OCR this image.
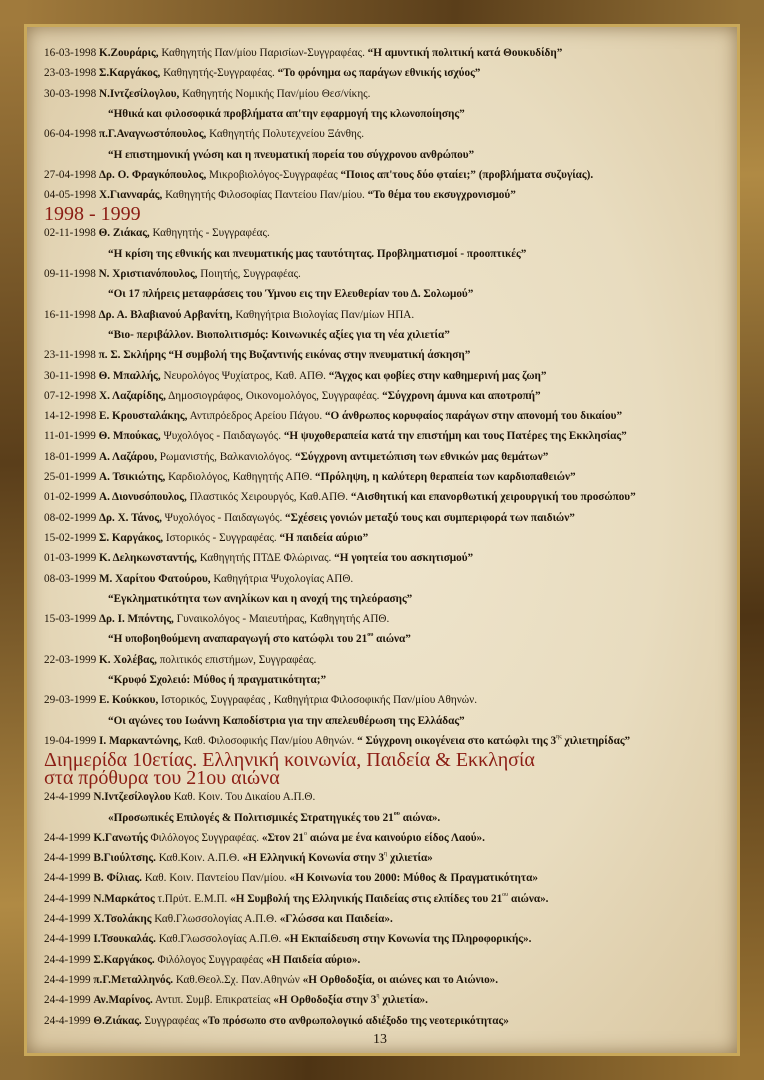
16-03-1998 Κ.Ζουράρις, Καθηγητής Παν/μίου Παρισίων-Συγγραφέας. “Η αμυντική πολιτική κατά Θουκυδίδη”
23-03-1998 Σ.Καργάκος, Καθηγητής-Συγγραφέας. “Το φρόνημα ως παράγων εθνικής ισχύος”
30-03-1998 Ν.Ιντζεσίλογλου, Καθηγητής Νομικής Παν/μίου Θεσ/νίκης.
“Ηθικά και φιλοσοφικά προβλήματα απ'την εφαρμογή της κλωνοποίησης”
06-04-1998 π.Γ.Αναγνωστόπουλος, Καθηγητής Πολυτεχνείου Ξάνθης.
“Η επιστημονική γνώση και η πνευματική πορεία του σύγχρονου ανθρώπου”
27-04-1998 Δρ. Ο. Φραγκόπουλος, Μικροβιολόγος-Συγγραφέας “Ποιος απ'τους δύο φταίει;” (προβλήματα συζυγίας).
04-05-1998 Χ.Γιανναράς, Καθηγητής Φιλοσοφίας Παντείου Παν/μίου. “Το θέμα του εκσυγχρονισμού”
1998 - 1999
02-11-1998 Θ. Ζιάκας, Καθηγητής - Συγγραφέας.
“Η κρίση της εθνικής και πνευματικής μας ταυτότητας. Προβληματισμοί - προοπτικές”
09-11-1998 Ν. Χριστιανόπουλος, Ποιητής, Συγγραφέας.
“Οι 17 πλήρεις μεταφράσεις του Ύμνου εις την Ελευθερίαν του Δ. Σολωμού”
16-11-1998 Δρ. Α. Βλαβιανού Αρβανίτη, Καθηγήτρια Βιολογίας Παν/μίων ΗΠΑ.
“Βιο- περιβάλλον. Βιοπολιτισμός: Κοινωνικές αξίες για τη νέα χιλιετία”
23-11-1998 π. Σ. Σκλήρης “Η συμβολή της Βυζαντινής εικόνας στην πνευματική άσκηση”
30-11-1998 Θ. Μπαλλής, Νευρολόγος Ψυχίατρος, Καθ. ΑΠΘ. “Άγχος και φοβίες στην καθημερινή μας ζωη”
07-12-1998 Χ. Λαζαρίδης, Δημοσιογράφος, Οικονομολόγος, Συγγραφέας. “Σύγχρονη άμυνα και αποτροπή”
14-12-1998 Ε. Κρουσταλάκης, Αντιπρόεδρος Αρείου Πάγου. “Ο άνθρωπος κορυφαίος παράγων στην απονομή του δικαίου”
11-01-1999 Θ. Μπούκας, Ψυχολόγος - Παιδαγωγός. “Η ψυχοθεραπεία κατά την επιστήμη και τους Πατέρες της Εκκλησίας”
18-01-1999 Α. Λαζάρου, Ρωμανιστής, Βαλκανιολόγος. “Σύγχρονη αντιμετώπιση των εθνικών μας θεμάτων”
25-01-1999 Α. Τσικιώτης, Καρδιολόγος, Καθηγητής ΑΠΘ. “Πρόληψη, η καλύτερη θεραπεία των καρδιοπαθειών”
01-02-1999 Α. Διονυσόπουλος, Πλαστικός Χειρουργός, Καθ.ΑΠΘ. “Αισθητική και επανορθωτική χειρουργική του προσώπου”
08-02-1999 Δρ. Χ. Τάνος, Ψυχολόγος - Παιδαγωγός. “Σχέσεις γονιών μεταξύ τους και συμπεριφορά των παιδιών”
15-02-1999 Σ. Καργάκος, Ιστορικός - Συγγραφέας. “Η παιδεία αύριο”
01-03-1999 Κ. Δεληκωνσταντής, Καθηγητής ΠΤΔΕ Φλώρινας. “Η γοητεία του ασκητισμού”
08-03-1999 Μ. Χαρίτου Φατούρου, Καθηγήτρια Ψυχολογίας ΑΠΘ.
“Εγκληματικότητα των ανηλίκων και η ανοχή της τηλεόρασης”
15-03-1999 Δρ. Ι. Μπόντης, Γυναικολόγος - Μαιευτήρας, Καθηγητής ΑΠΘ.
“Η υποβοηθούμενη αναπαραγωγή στο κατώφλι του $21^{o\upsilon}$ αιώνα”
22-03-1999 Κ. Χολέβας, πολιτικός επιστήμων, Συγγραφέας.
“Κρυφό Σχολειό: Μύθος ή πραγματικότητα;”
29-03-1999 Ε. Κούκκου, Ιστορικός, Συγγραφέας , Καθηγήτρια Φιλοσοφικής Παν/μίου Αθηνών.
“Οι αγώνες του Ιωάννη Καποδίστρια για την απελευθέρωση της Ελλάδας”
19-04-1999 Ι. Μαρκαντώνης, Καθ. Φιλοσοφικής Παν/μίου Αθηνών. “ Σύγχρονη οικογένεια στο κατώφλι της $3^{\eta\varsigma}$ χιλιετηρίδας”
Διημερίδα 10ετίας. Ελληνική κοινωνία, Παιδεία & Εκκλησία
στα πρόθυρα του 21ου αιώνα
24-4-1999 Ν.Ιντζεσίλογλου Καθ. Κοιν. Του Δικαίου Α.Π.Θ.
«Προσωπικές Επιλογές & Πολιτισμικές Στρατηγικές του $21^{o\upsilon}$ αιώνα».
24-4-1999 Κ.Γανωτής Φιλόλογος Συγγραφέας. «Στον $21^o$ αιώνα με ένα καινούριο είδος Λαού».
24-4-1999 Β.Γιούλτσης. Καθ.Κοιν. Α.Π.Θ. «Η Ελληνική Κονωνία στην $3^\eta$ χιλιετία»
24-4-1999 Β. Φίλιας. Καθ. Κοιν. Παντείου Παν/μίου. «Η Κοινωνία του 2000: Μύθος & Πραγματικότητα»
24-4-1999 Ν.Μαρκάτος τ.Πρύτ. Ε.Μ.Π. «Η Συμβολή της Ελληνικής Παιδείας στις ελπίδες του $21^{o\upsilon}$ αιώνα».
24-4-1999 Χ.Τσολάκης Καθ.Γλωσσολογίας Α.Π.Θ. «Γλώσσα και Παιδεία».
24-4-1999 Ι.Τσουκαλάς. Καθ.Γλωσσολογίας Α.Π.Θ. «Η Εκπαίδευση στην Κονωνία της Πληροφορικής».
24-4-1999 Σ.Καργάκος. Φιλόλογος Συγγραφέας «Η Παιδεία αύριο».
24-4-1999 π.Γ.Μεταλληνός. Καθ.Θεολ.Σχ. Παν.Αθηνών «Η Ορθοδοξία, οι αιώνες και το Αιώνιο».
24-4-1999 Αν.Μαρίνος. Αντιπ. Συμβ. Επικρατείας «Η Ορθοδοξία στην $3^\eta$ χιλιετία».
24-4-1999 Θ.Ζιάκας. Συγγραφέας «Το πρόσωπο στο ανθρωπολογικό αδιέξοδο της νεοτερικότητας»
13
